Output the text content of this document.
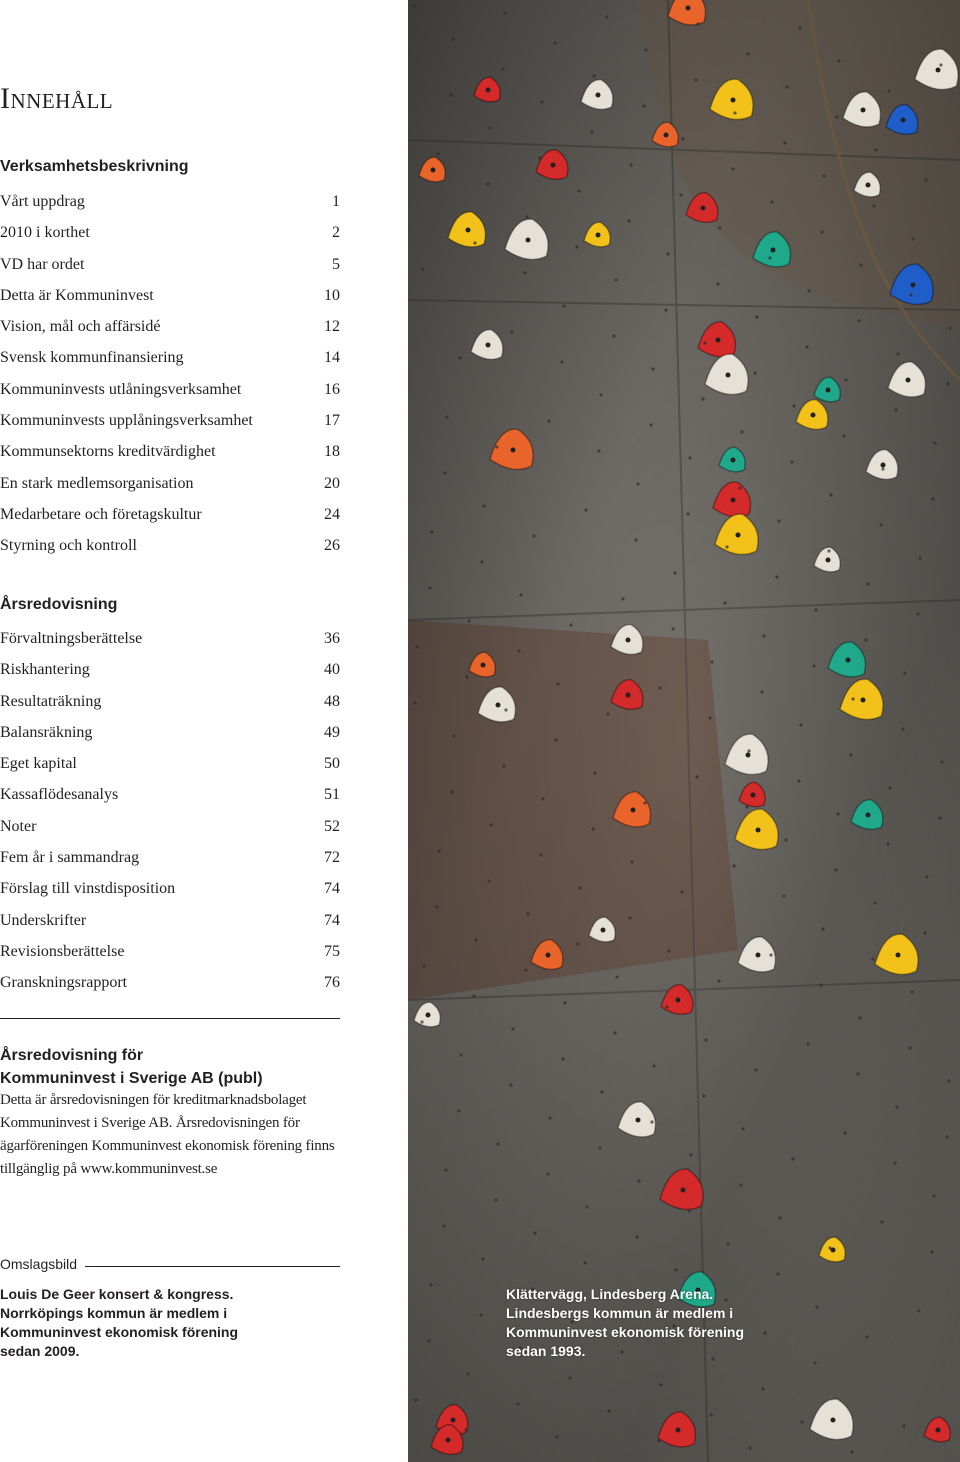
Innehåll
Verksamhetsbeskrivning
Vårt uppdrag	1
2010 i korthet	2
VD har ordet	5
Detta är Kommuninvest	10
Vision, mål och affärsidé	12
Svensk kommunfinansiering	14
Kommuninvests utlåningsverksamhet	16
Kommuninvests upplåningsverksamhet	17
Kommunsektorns kreditvärdighet	18
En stark medlemsorganisation	20
Medarbetare och företagskultur	24
Styrning och kontroll	26
Årsredovisning
Förvaltningsberättelse	36
Riskhantering	40
Resultaträkning	48
Balansräkning	49
Eget kapital	50
Kassaflödesanalys	51
Noter	52
Fem år i sammandrag	72
Förslag till vinstdisposition	74
Underskrifter	74
Revisionsberättelse	75
Granskningsrapport	76
Årsredovisning för
Kommuninvest i Sverige AB (publ)

Detta är årsredovisningen för kreditmarknadsbolaget Kommuninvest i Sverige AB. Årsredovisningen för ägarföreningen Kommuninvest ekonomisk förening finns tillgänglig på www.kommuninvest.se

Omslagsbild

Louis De Geer konsert & kongress.
Norrköpings kommun är medlem i
Kommuninvest ekonomisk förening
sedan 2009.

Klättervägg, Lindesberg Arena.
Lindesbergs kommun är medlem i
Kommuninvest ekonomisk förening
sedan 1993.
